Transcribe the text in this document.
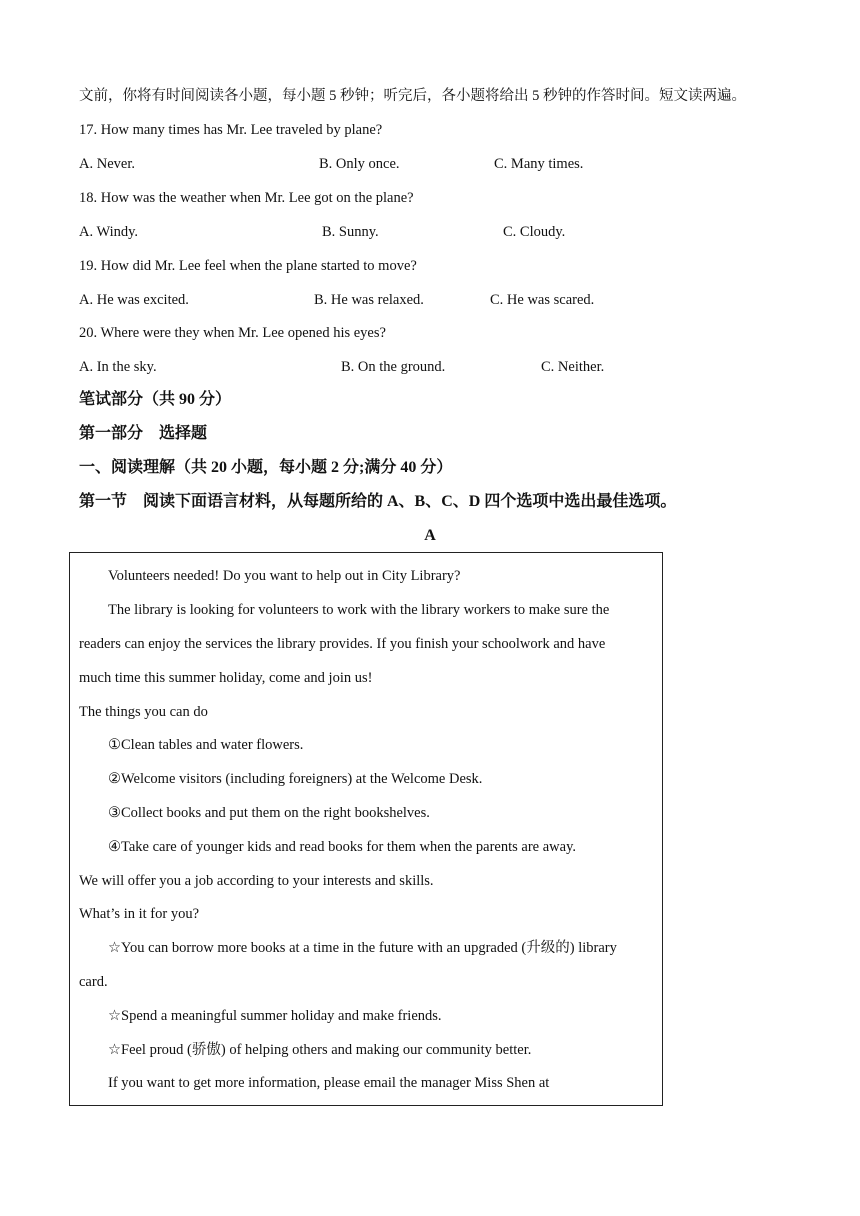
文前，你将有时间阅读各小题，每小题 5 秒钟；听完后，各小题将给出 5 秒钟的作答时间。短文读两遍。
17. How many times has Mr. Lee traveled by plane?
A. Never.	B. Only once.	C. Many times.
18. How was the weather when Mr. Lee got on the plane?
A. Windy.	B. Sunny.	C. Cloudy.
19. How did Mr. Lee feel when the plane started to move?
A. He was excited.	B. He was relaxed.	C. He was scared.
20. Where were they when Mr. Lee opened his eyes?
A. In the sky.	B. On the ground.	C. Neither.
笔试部分（共 90 分）
第一部分　选择题
一、阅读理解（共 20 小题，每小题 2 分;满分 40 分）
第一节　阅读下面语言材料，从每题所给的 A、B、C、D 四个选项中选出最佳选项。
A
Volunteers needed! Do you want to help out in City Library?
The library is looking for volunteers to work with the library workers to make sure the
readers can enjoy the services the library provides. If you finish your schoolwork and have
much time this summer holiday, come and join us!
The things you can do
①Clean tables and water flowers.
②Welcome visitors (including foreigners) at the Welcome Desk.
③Collect books and put them on the right bookshelves.
④Take care of younger kids and read books for them when the parents are away.
We will offer you a job according to your interests and skills.
What’s in it for you?
☆You can borrow more books at a time in the future with an upgraded (升级的) library
card.
☆Spend a meaningful summer holiday and make friends.
☆Feel proud (骄傲) of helping others and making our community better.
If you want to get more information, please email the manager Miss Shen at
